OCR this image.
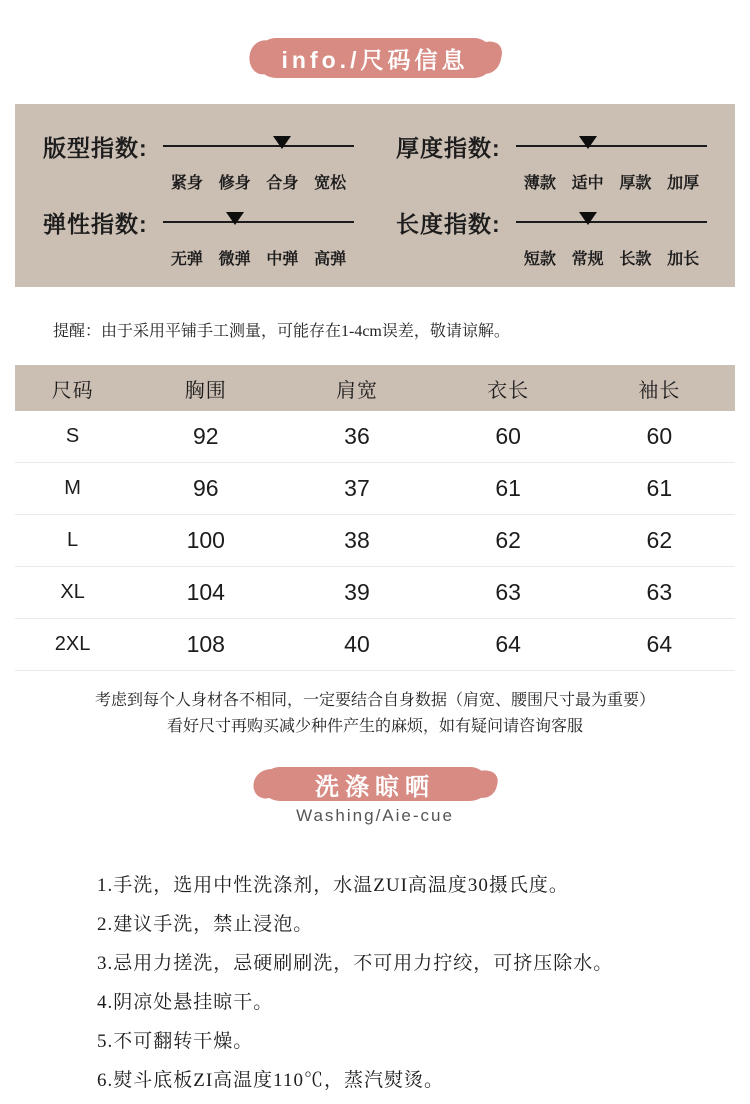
info./尺码信息
版型指数:
紧身 修身 合身 宽松
厚度指数:
薄款 适中 厚款 加厚
弹性指数:
无弹 微弹 中弹 高弹
长度指数:
短款 常规 长款 加长

提醒：由于采用平铺手工测量，可能存在1-4cm误差，敬请谅解。

尺码	胸围	肩宽	衣长	袖长
S	92	36	60	60
M	96	37	61	61
L	100	38	62	62
XL	104	39	63	63
2XL	108	40	64	64
考虑到每个人身材各不相同，一定要结合自身数据（肩宽、腰围尺寸最为重要）
看好尺寸再购买减少种件产生的麻烦，如有疑问请咨询客服
洗涤晾晒
Washing/Aie-cue
1.手洗，选用中性洗涤剂，水温ZUI高温度30摄氏度。
2.建议手洗，禁止浸泡。
3.忌用力搓洗，忌硬刷刷洗，不可用力拧绞，可挤压除水。
4.阴凉处悬挂晾干。
5.不可翻转干燥。
6.熨斗底板ZI高温度110℃，蒸汽熨烫。
